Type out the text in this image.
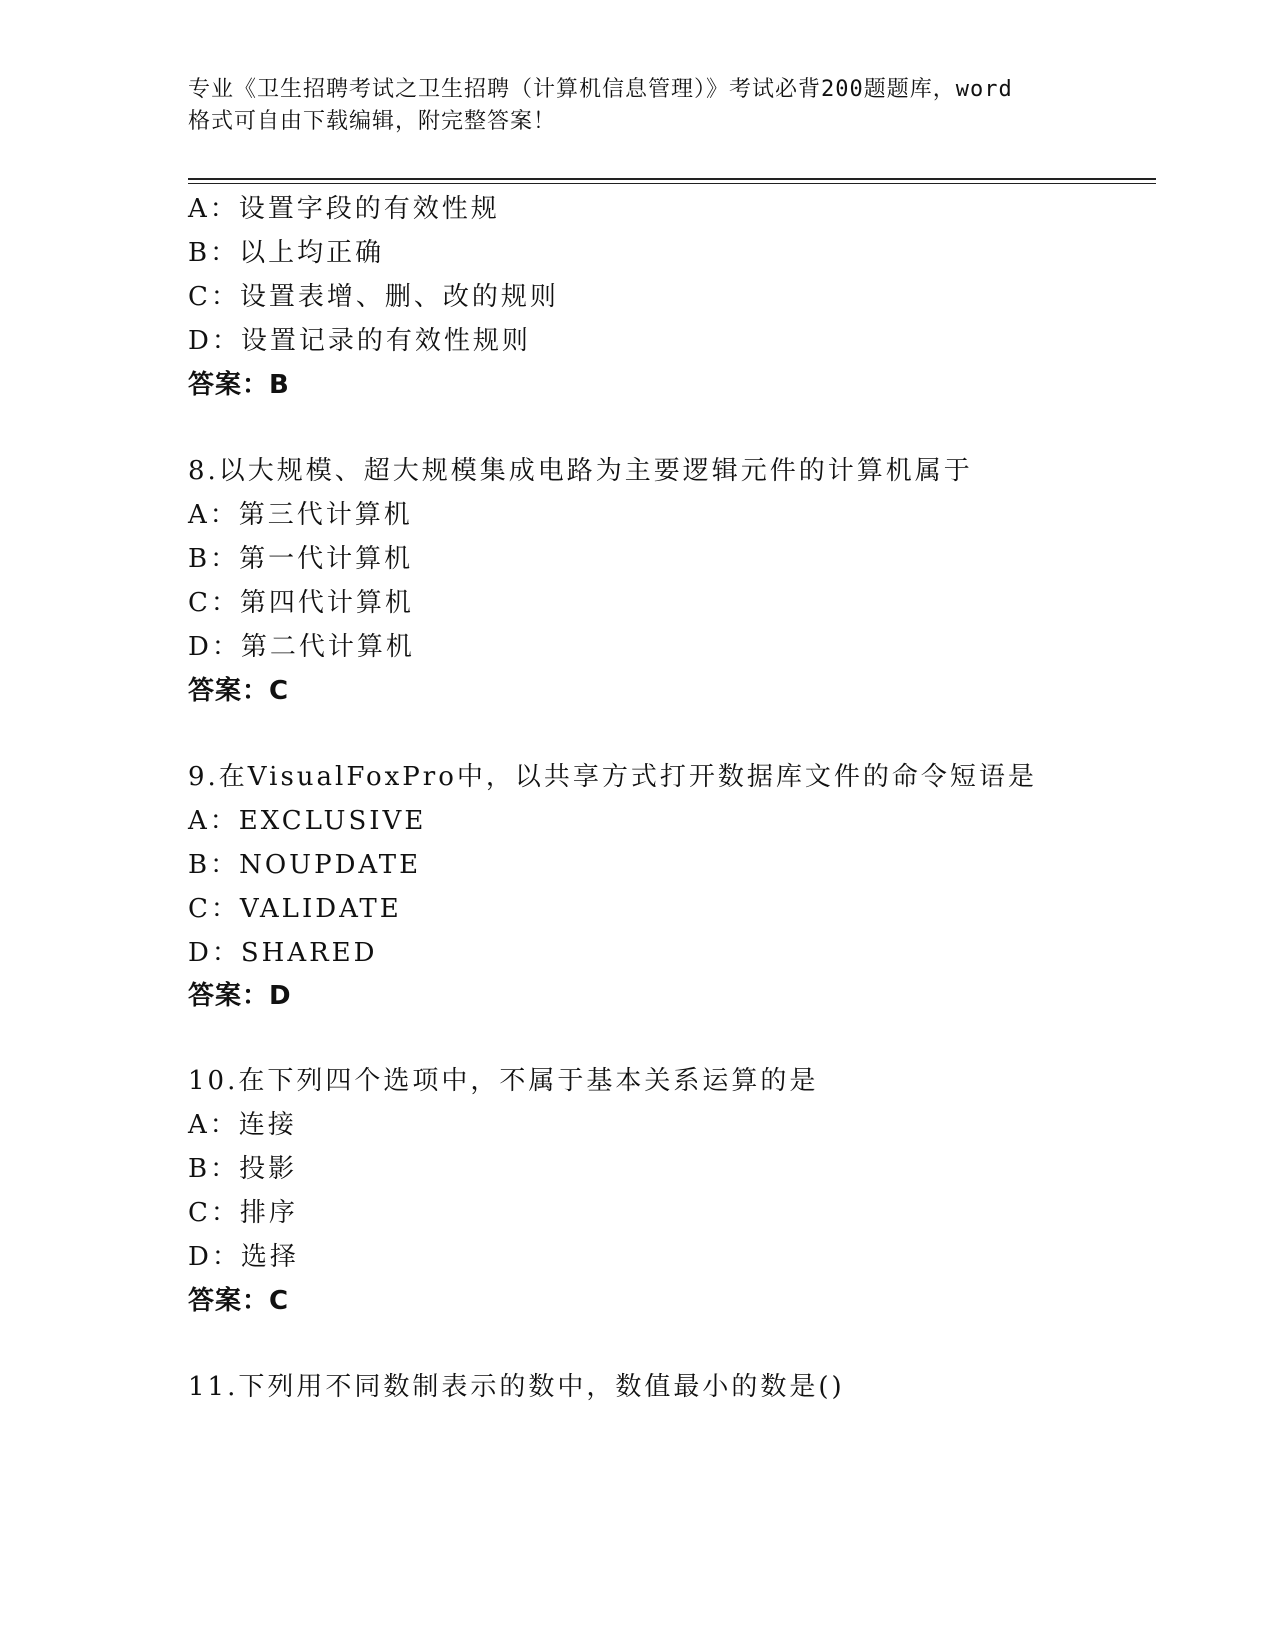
专业《卫生招聘考试之卫生招聘（计算机信息管理）》考试必背200题题库，word
格式可自由下载编辑，附完整答案！
A：设置字段的有效性规
B：以上均正确
C：设置表增、删、改的规则
D：设置记录的有效性规则
答案：B
8.以大规模、超大规模集成电路为主要逻辑元件的计算机属于
A：第三代计算机
B：第一代计算机
C：第四代计算机
D：第二代计算机
答案：C
9.在VisualFoxPro中，以共享方式打开数据库文件的命令短语是
A：EXCLUSIVE
B：NOUPDATE
C：VALIDATE
D：SHARED
答案：D
10.在下列四个选项中，不属于基本关系运算的是
A：连接
B：投影
C：排序
D：选择
答案：C
11.下列用不同数制表示的数中，数值最小的数是()
